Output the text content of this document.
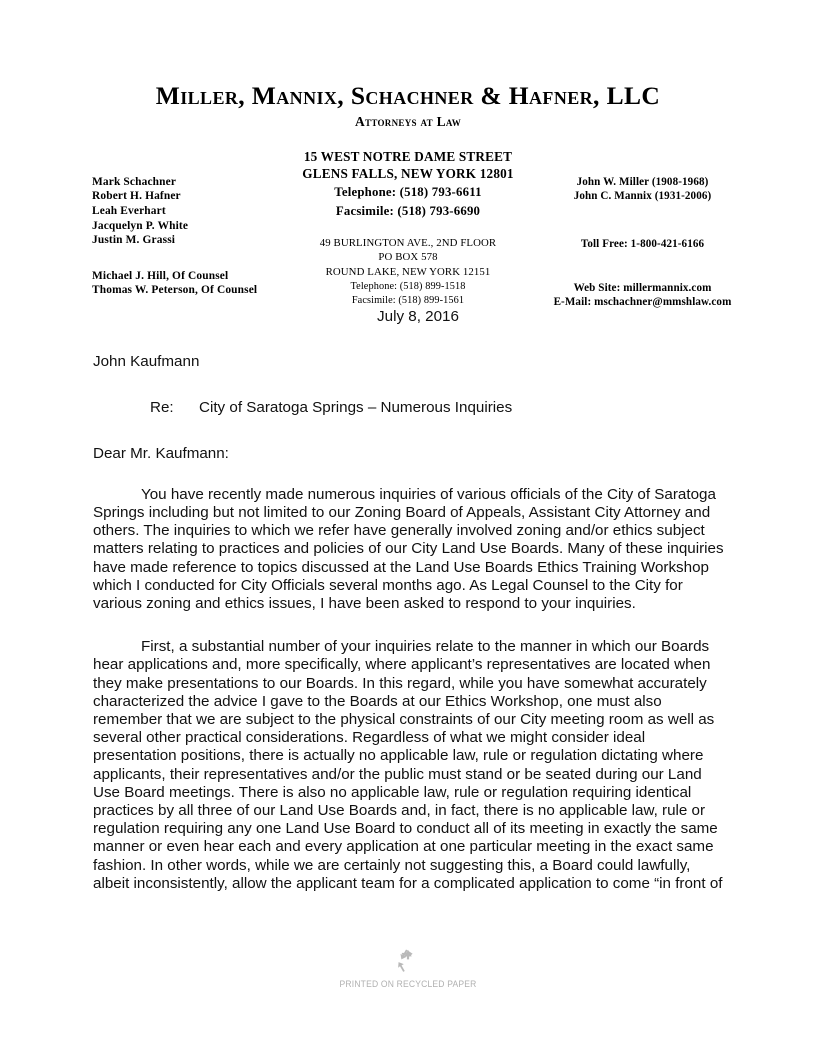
Miller, Mannix, Schachner & Hafner, LLC
Attorneys at Law
Mark Schachner
Robert H. Hafner
Leah Everhart
Jacquelyn P. White
Justin M. Grassi
Michael J. Hill, Of Counsel
Thomas W. Peterson, Of Counsel
15 WEST NOTRE DAME STREET
GLENS FALLS, NEW YORK 12801
Telephone: (518) 793-6611
Facsimile: (518) 793-6690
49 BURLINGTON AVE., 2ND FLOOR
PO BOX 578
ROUND LAKE, NEW YORK 12151
Telephone: (518) 899-1518
Facsimile: (518) 899-1561
John W. Miller (1908-1968)
John C. Mannix (1931-2006)
Toll Free: 1-800-421-6166
Web Site: millermannix.com
E-Mail: mschachner@mmshlaw.com
July 8, 2016
John Kaufmann
Re: City of Saratoga Springs – Numerous Inquiries
Dear Mr. Kaufmann:

You have recently made numerous inquiries of various officials of the City of Saratoga Springs including but not limited to our Zoning Board of Appeals, Assistant City Attorney and others. The inquiries to which we refer have generally involved zoning and/or ethics subject matters relating to practices and policies of our City Land Use Boards. Many of these inquiries have made reference to topics discussed at the Land Use Boards Ethics Training Workshop which I conducted for City Officials several months ago. As Legal Counsel to the City for various zoning and ethics issues, I have been asked to respond to your inquiries.

First, a substantial number of your inquiries relate to the manner in which our Boards hear applications and, more specifically, where applicant’s representatives are located when they make presentations to our Boards. In this regard, while you have somewhat accurately characterized the advice I gave to the Boards at our Ethics Workshop, one must also remember that we are subject to the physical constraints of our City meeting room as well as several other practical considerations. Regardless of what we might consider ideal presentation positions, there is actually no applicable law, rule or regulation dictating where applicants, their representatives and/or the public must stand or be seated during our Land Use Board meetings. There is also no applicable law, rule or regulation requiring identical practices by all three of our Land Use Boards and, in fact, there is no applicable law, rule or regulation requiring any one Land Use Board to conduct all of its meeting in exactly the same manner or even hear each and every application at one particular meeting in the exact same fashion. In other words, while we are certainly not suggesting this, a Board could lawfully, albeit inconsistently, allow the applicant team for a complicated application to come “in front of

PRINTED ON RECYCLED PAPER
